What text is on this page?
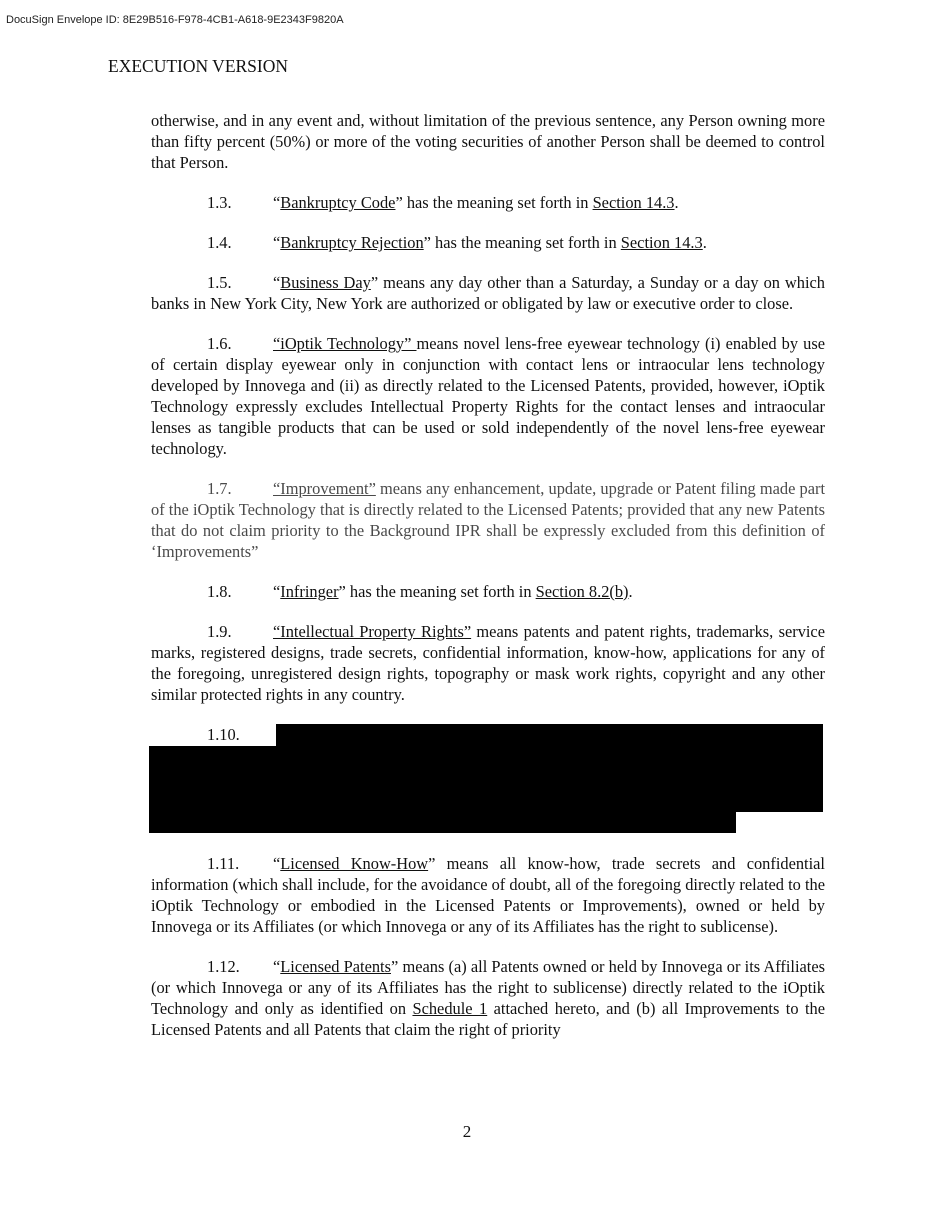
DocuSign Envelope ID: 8E29B516-F978-4CB1-A618-9E2343F9820A
EXECUTION VERSION

otherwise, and in any event and, without limitation of the previous sentence, any Person owning more than fifty percent (50%) or more of the voting securities of another Person shall be deemed to control that Person.

1.3.	“Bankruptcy Code” has the meaning set forth in Section 14.3.

1.4.	“Bankruptcy Rejection” has the meaning set forth in Section 14.3.

1.5.	“Business Day” means any day other than a Saturday, a Sunday or a day on which banks in New York City, New York are authorized or obligated by law or executive order to close.

1.6.	“iOptik Technology” means novel lens-free eyewear technology (i) enabled by use of certain display eyewear only in conjunction with contact lens or intraocular lens technology developed by Innovega and (ii) as directly related to the Licensed Patents, provided, however, iOptik Technology expressly excludes Intellectual Property Rights for the contact lenses and intraocular lenses as tangible products that can be used or sold independently of the novel lens-free eyewear technology.

1.7.	“Improvement” means any enhancement, update, upgrade or Patent filing made part of the iOptik Technology that is directly related to the Licensed Patents; provided that any new Patents that do not claim priority to the Background IPR shall be expressly excluded from this definition of ‘Improvements”

1.8.	“Infringer” has the meaning set forth in Section 8.2(b).

1.9.	“Intellectual Property Rights” means patents and patent rights, trademarks, service marks, registered designs, trade secrets, confidential information, know-how, applications for any of the foregoing, unregistered design rights, topography or mask work rights, copyright and any other similar protected rights in any country.

1.10.

1.11. “Licensed Know-How” means all know-how, trade secrets and confidential information (which shall include, for the avoidance of doubt, all of the foregoing directly related to the iOptik Technology or embodied in the Licensed Patents or Improvements), owned or held by Innovega or its Affiliates (or which Innovega or any of its Affiliates has the right to sublicense).

1.12. “Licensed Patents” means (a) all Patents owned or held by Innovega or its Affiliates (or which Innovega or any of its Affiliates has the right to sublicense) directly related to the iOptik Technology and only as identified on Schedule 1 attached hereto, and (b) all Improvements to the Licensed Patents and all Patents that claim the right of priority

2
